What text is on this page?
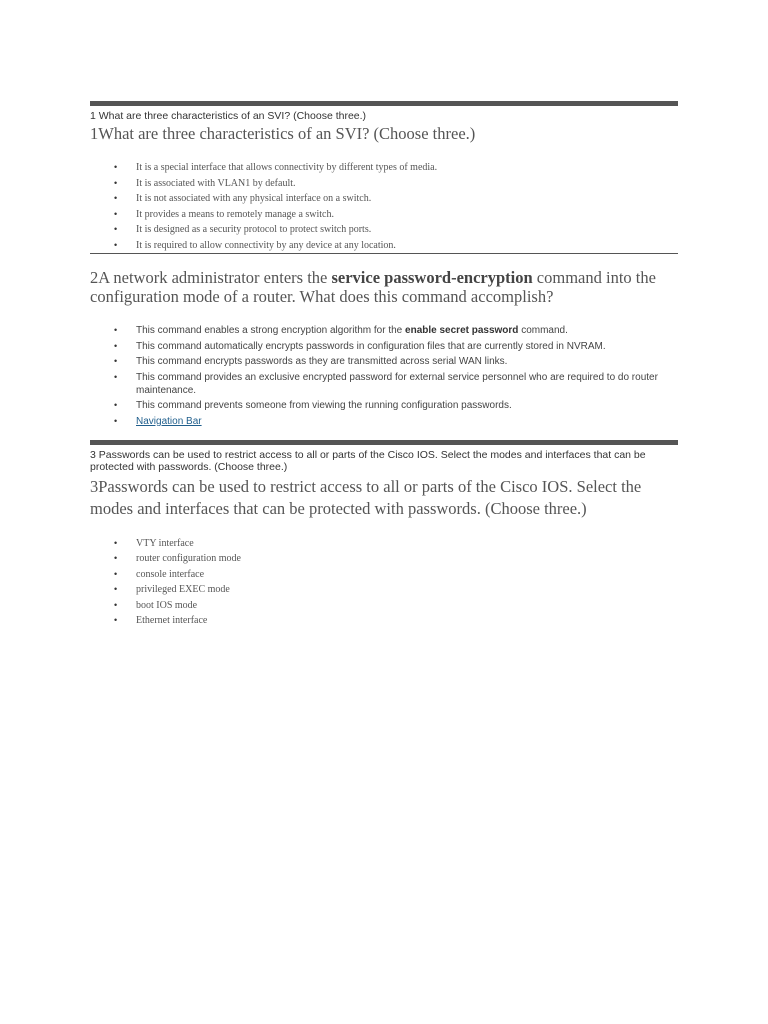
1 What are three characteristics of an SVI? (Choose three.)

1What are three characteristics of an SVI? (Choose three.)

• It is a special interface that allows connectivity by different types of media.
• It is associated with VLAN1 by default.
• It is not associated with any physical interface on a switch.
• It provides a means to remotely manage a switch.
• It is designed as a security protocol to protect switch ports.
• It is required to allow connectivity by any device at any location.

2A network administrator enters the service password-encryption command into the configuration mode of a router. What does this command accomplish?

• This command enables a strong encryption algorithm for the enable secret password command.
• This command automatically encrypts passwords in configuration files that are currently stored in NVRAM.
• This command encrypts passwords as they are transmitted across serial WAN links.
• This command provides an exclusive encrypted password for external service personnel who are required to do router maintenance.
• This command prevents someone from viewing the running configuration passwords.
• Navigation Bar

3 Passwords can be used to restrict access to all or parts of the Cisco IOS. Select the modes and interfaces that can be protected with passwords. (Choose three.)

3Passwords can be used to restrict access to all or parts of the Cisco IOS. Select the modes and interfaces that can be protected with passwords. (Choose three.)

• VTY interface
• router configuration mode
• console interface
• privileged EXEC mode
• boot IOS mode
• Ethernet interface
